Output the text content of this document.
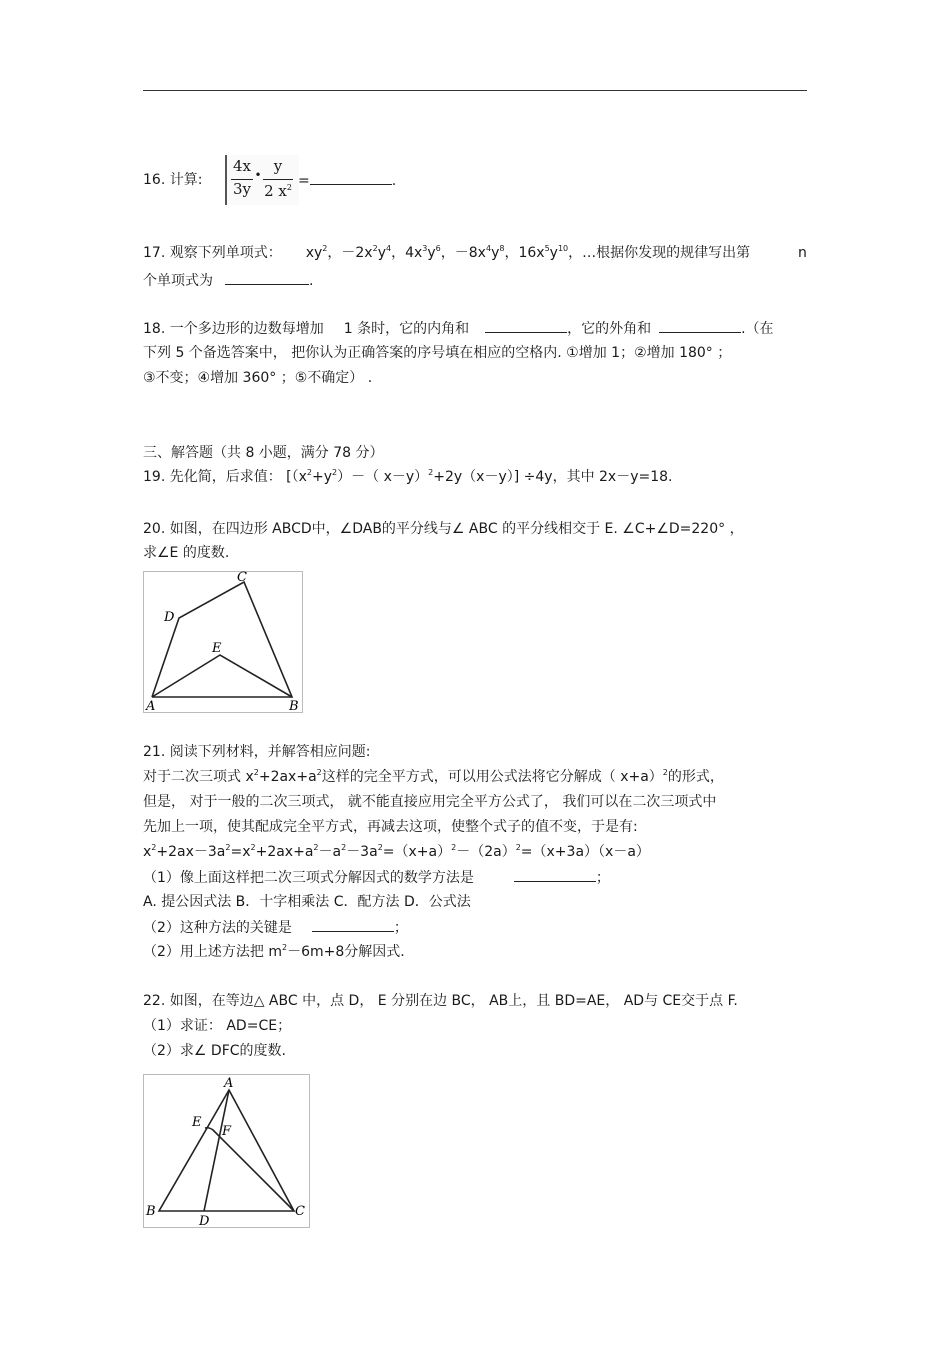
16. 计算:
4x
3y
• y
2 $x^2$ =	.
17. 观察下列单项式： $xy^2$，$-2x^2y^4$，$4x^3y^6$，$-8x^4y^8$，$16x^5y^{10}$，…根据你发现的规律写出第	n
个单项式为	.
18. 一个多边形的边数每增加 1 条时，它的内角和	，它的外角和	.（在
下列 5 个备选答案中， 把你认为正确答案的序号填在相应的空格内. ①增加 1；②增加 180° ；
③不变；④增加 360° ；⑤不确定） .
三、解答题（共 8 小题，满分 78 分）
19. 先化简，后求值： [$(x^2+y^2)-$（ x－y）$^2$+2y（x－y）] ÷4y，其中 2x－y=18.
20. 如图，在四边形 ABCD中，∠DAB的平分线与∠ ABC 的平分线相交于 E. ∠C+∠D=220° ，
求∠E 的度数.
A	B
C
D
E
21. 阅读下列材料，并解答相应问题:
对于二次三项式 $x^2+2ax+a^2$这样的完全平方式，可以用公式法将它分解成（ x+a）$^2$的形式，
但是， 对于一般的二次三项式， 就不能直接应用完全平方公式了， 我们可以在二次三项式中
先加上一项，使其配成完全平方式，再减去这项，使整个式子的值不变，于是有:
$x^2+2ax-3a^2=x^2+2ax+a^2-a^2-3a^2=(x+a)^2-(2a)^2=(x+3a)(x-a)$
（1）像上面这样把二次三项式分解因式的数学方法是	；
A. 提公因式法 B．十字相乘法 C．配方法 D．公式法
（2）这种方法的关键是	；
（2）用上述方法把 $m^2-6m+8$分解因式.
22. 如图，在等边△ ABC 中，点 D， E 分别在边 BC， AB上，且 BD=AE， AD与 CE交于点 F.
（1）求证： AD=CE；
（2）求∠ DFC的度数.
A
B	C
D
E
F
